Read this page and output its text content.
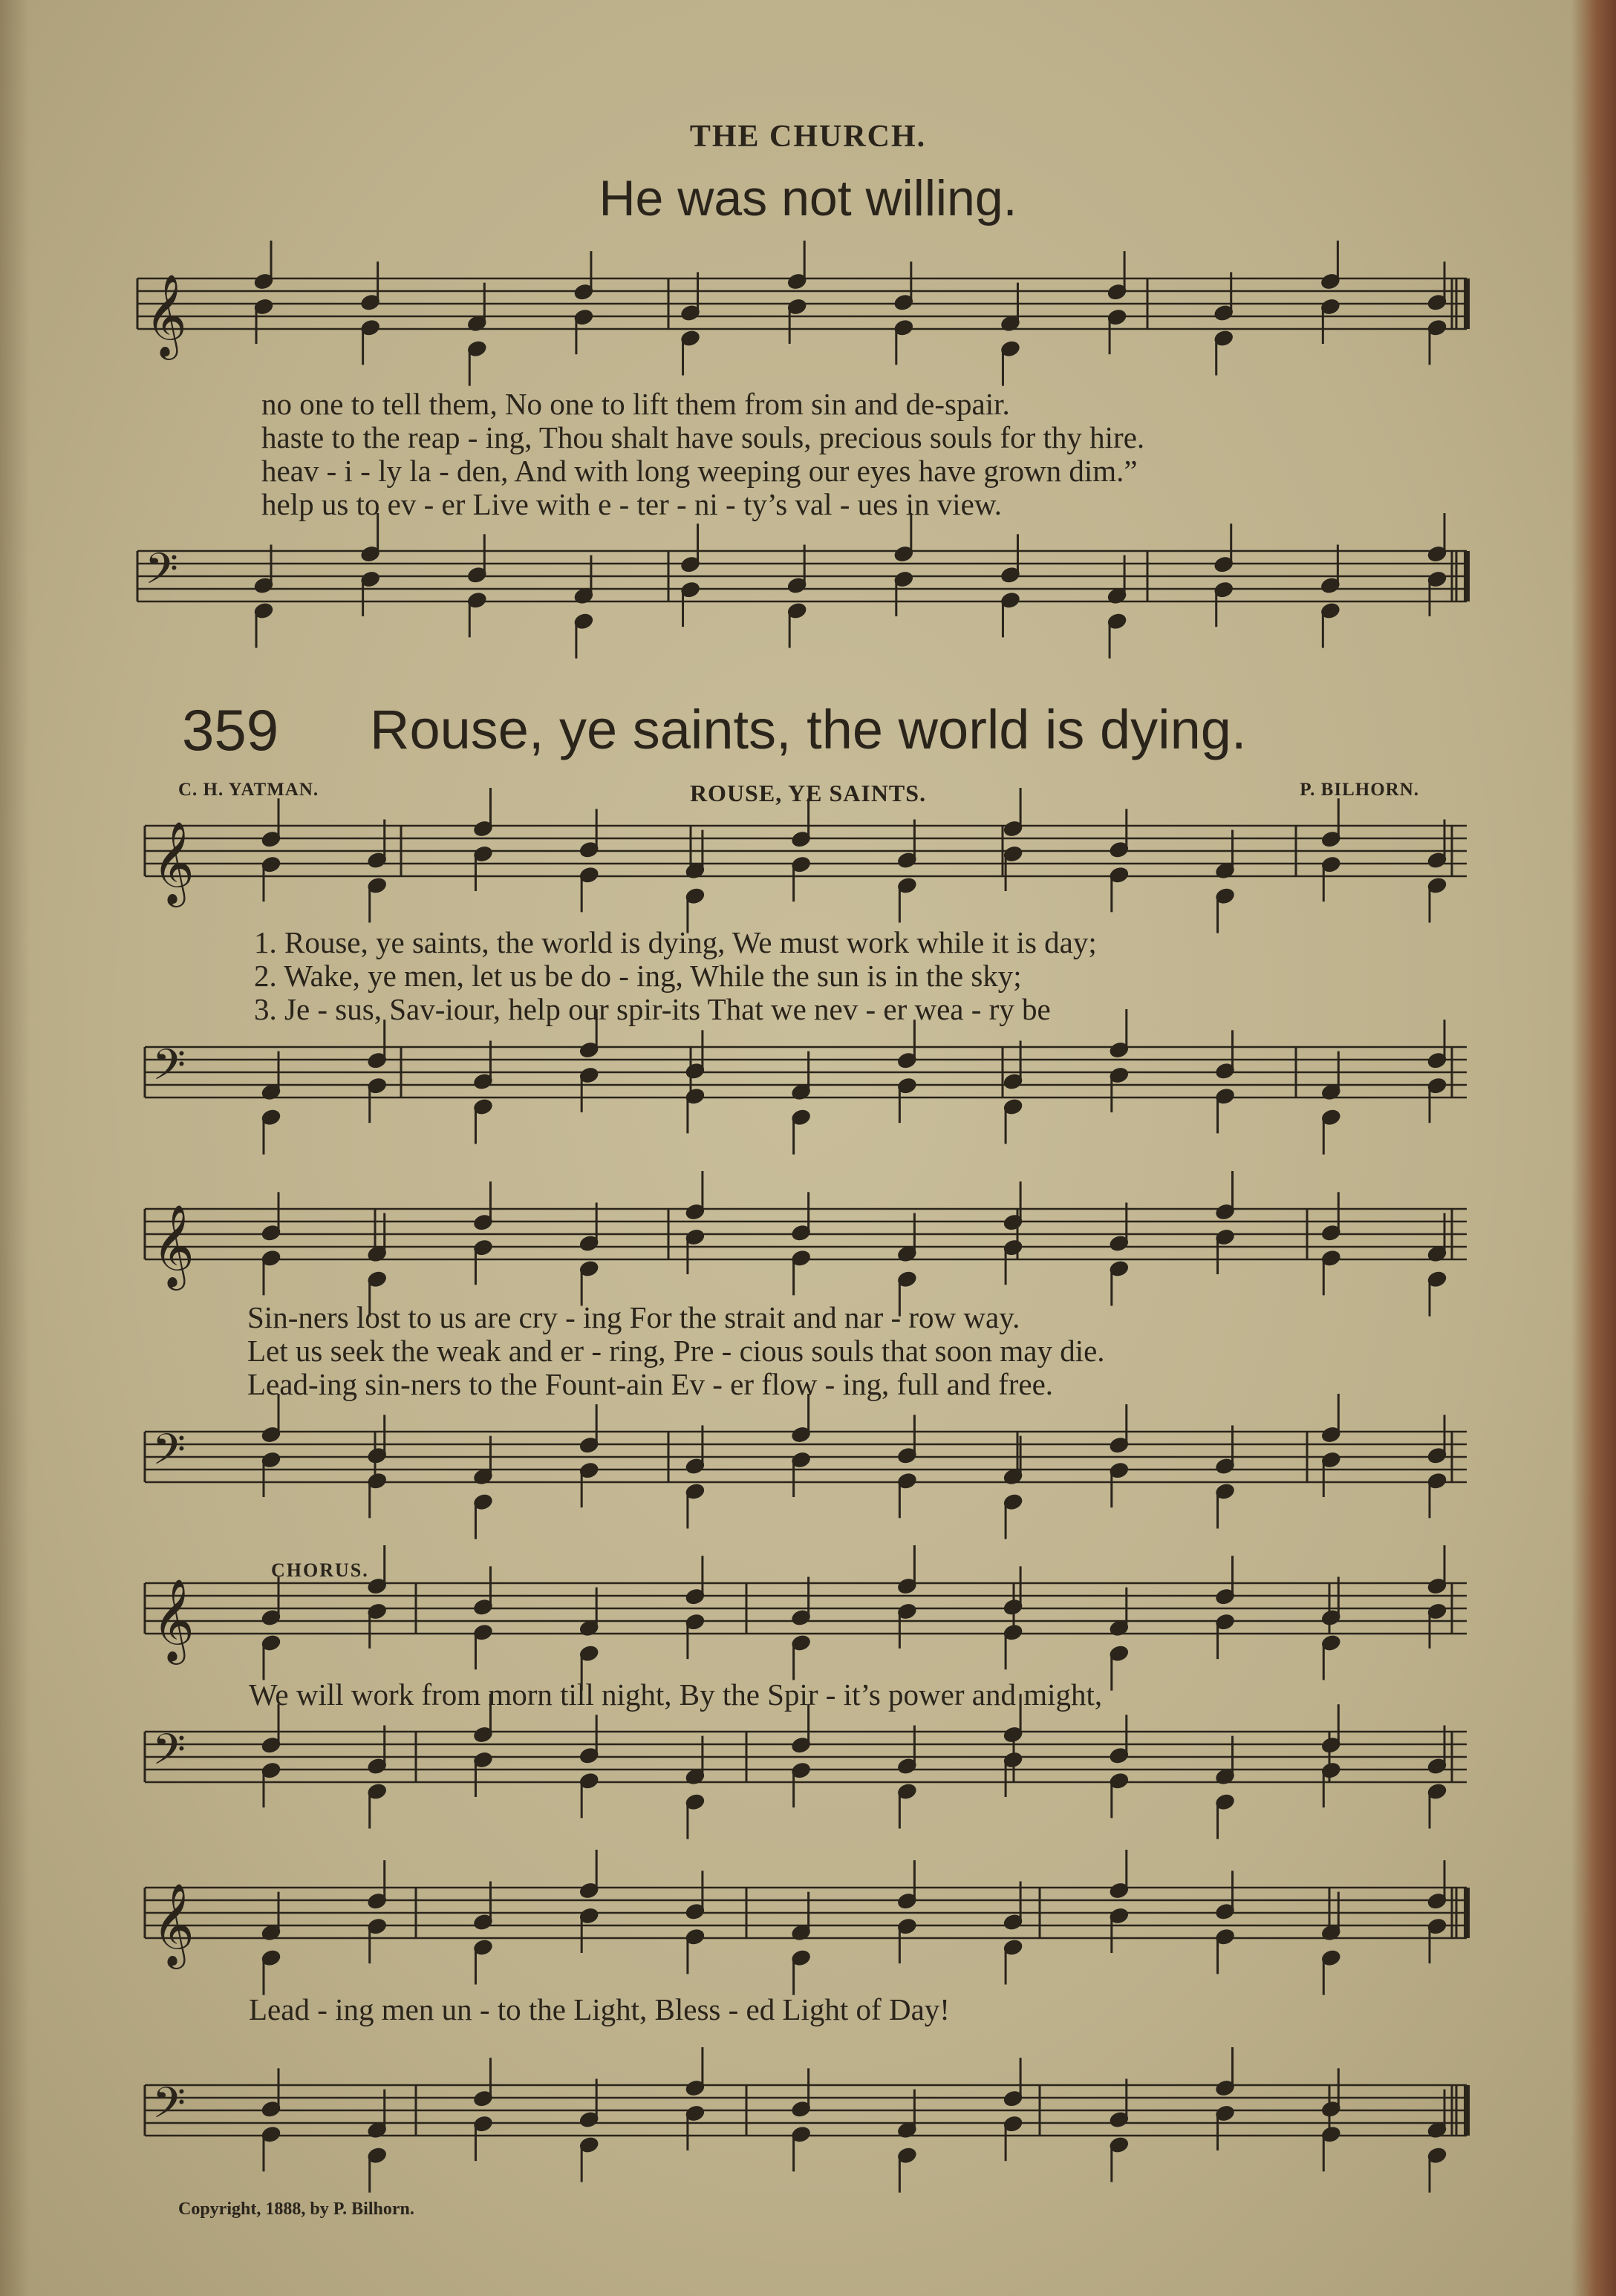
THE CHURCH.
He was not willing.
𝄞
𝄢
𝄞
𝄢
𝄞
𝄢
𝄞
𝄢
𝄞
𝄢
no one to tell them, No one to lift them from sin and de-spair.
haste to the reap - ing, Thou shalt have souls, precious souls for thy hire.
heav - i - ly la - den, And with long weeping our eyes have grown dim.”
help us to ev - er Live with e - ter - ni - ty’s val - ues in view.
359 Rouse, ye saints, the world is dying.
C. H. YATMAN.	ROUSE, YE SAINTS.	P. BILHORN.
1. Rouse, ye saints, the world is dying, We must work while it is day;
2. Wake, ye men, let us be do - ing, While the sun is in the sky;
3. Je - sus, Sav-iour, help our spir-its That we nev - er wea - ry be
Sin-ners lost to us are cry - ing For the strait and nar - row way.
Let us seek the weak and er - ring, Pre - cious souls that soon may die.
Lead-ing sin-ners to the Fount-ain Ev - er flow - ing, full and free.
CHORUS.
We will work from morn till night, By the Spir - it’s power and might,
Lead - ing men un - to the Light, Bless - ed Light of Day!
Copyright, 1888, by P. Bilhorn.
